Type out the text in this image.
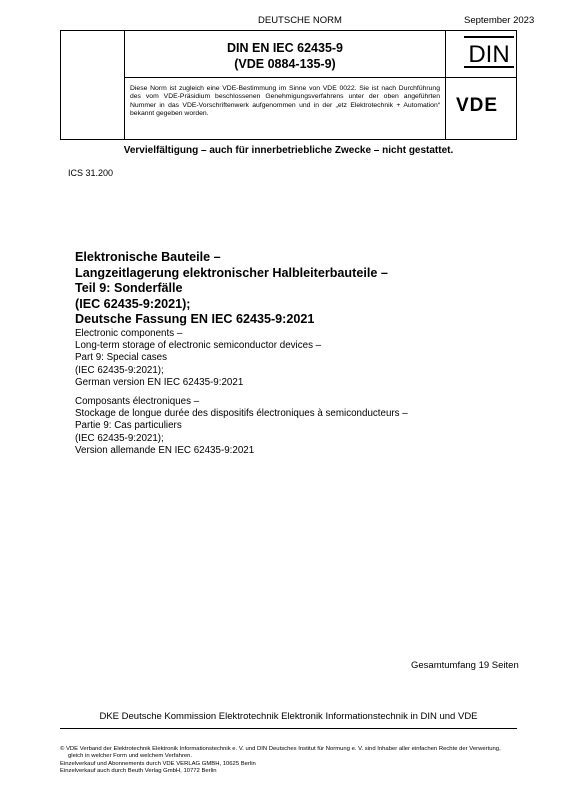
DEUTSCHE NORM	September 2023
DIN EN IEC 62435-9
(VDE 0884-135-9)	DIN
Diese Norm ist zugleich eine VDE-Bestimmung im Sinne von VDE 0022. Sie ist nach Durchführung des vom VDE-Präsidium beschlossenen Genehmigungsverfahrens unter der oben angeführten Nummer in das VDE-Vorschriftenwerk aufgenommen und in der „etz Elektrotechnik + Automation“ bekannt gegeben worden.	VDE
Vervielfältigung – auch für innerbetriebliche Zwecke – nicht gestattet.
ICS 31.200
Elektronische Bauteile –
Langzeitlagerung elektronischer Halbleiterbauteile –
Teil 9: Sonderfälle
(IEC 62435-9:2021);
Deutsche Fassung EN IEC 62435-9:2021
Electronic components –
Long-term storage of electronic semiconductor devices –
Part 9: Special cases
(IEC 62435-9:2021);
German version EN IEC 62435-9:2021
Composants électroniques –
Stockage de longue durée des dispositifs électroniques à semiconducteurs –
Partie 9: Cas particuliers
(IEC 62435-9:2021);
Version allemande EN IEC 62435-9:2021
Gesamtumfang 19 Seiten
DKE Deutsche Kommission Elektrotechnik Elektronik Informationstechnik in DIN und VDE
© VDE Verband der Elektrotechnik Elektronik Informationstechnik e. V. und DIN Deutsches Institut für Normung e. V. sind Inhaber aller einfachen Rechte der Verwertung,
gleich in welcher Form und welchem Verfahren.
Einzelverkauf und Abonnements durch VDE VERLAG GMBH, 10625 Berlin
Einzelverkauf auch durch Beuth Verlag GmbH, 10772 Berlin
